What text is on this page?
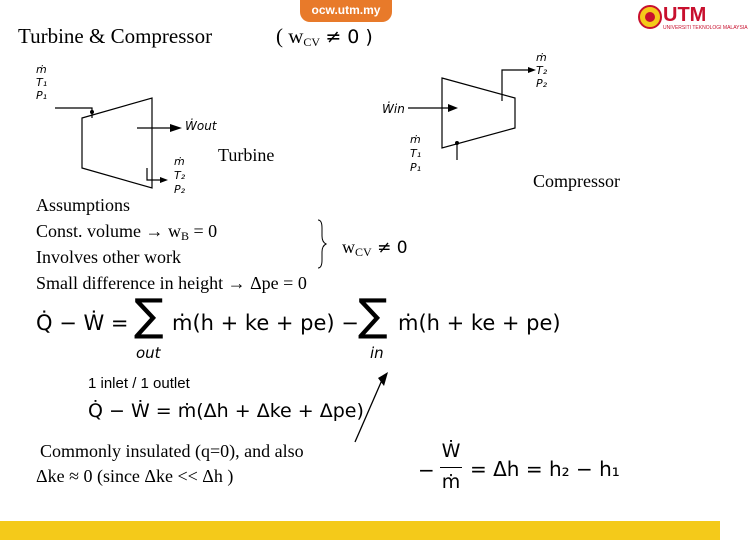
Turbine & Compressor	( $w_{CV} \ne 0$ )
ocw.utm.my	UTM
UNIVERSITI TEKNOLOGI MALAYSIA
ṁ
T₁
P₁
Ẇout
ṁ
T₂
P₂
Turbine
ṁ
T₂
P₂
Ẇin
ṁ
T₁
P₁
Compressor
Assumptions
Const. volume → $w_B = 0$
Involves other work
Small difference in height → Δpe = 0
$w_{CV} \ne 0$
Q̇ − Ẇ = ∑
out
ṁ(h + ke + pe) − ∑
in
ṁ(h + ke + pe)
1 inlet / 1 outlet
Q̇ − Ẇ = ṁ(Δh + Δke + Δpe)
Commonly insulated (q=0), and also
Δke ≈ 0 (since Δke << Δh )	−
Ẇ
ṁ
= Δh = h₂ − h₁
